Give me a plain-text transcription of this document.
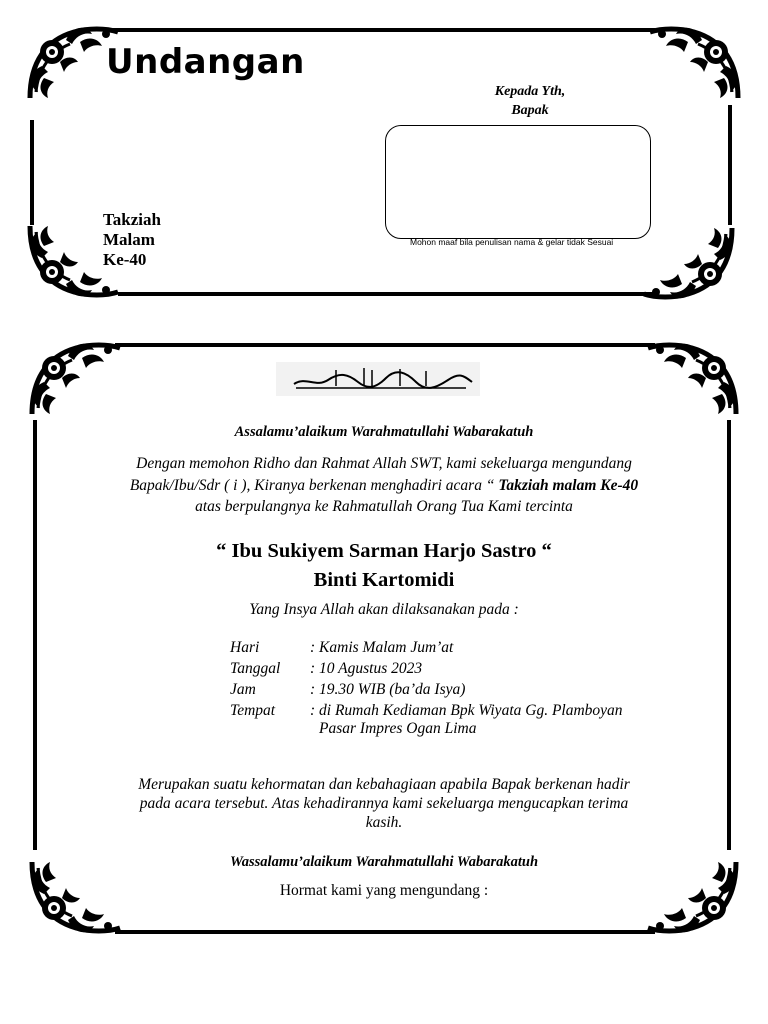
Undangan
Kepada Yth,
Bapak
Takziah Malam Ke-40
Mohon maaf bila penulisan nama & gelar tidak Sesuai
Assalamu’alaikum Warahmatullahi Wabarakatuh
Dengan memohon Ridho dan Rahmat Allah SWT, kami sekeluarga mengundang
Bapak/Ibu/Sdr ( i ), Kiranya berkenan menghadiri acara “ Takziah malam Ke-40
atas berpulangnya ke Rahmatullah Orang Tua Kami tercinta
“ Ibu Sukiyem Sarman Harjo Sastro “
Binti Kartomidi
Yang Insya Allah akan dilaksanakan pada :
Hari	: Kamis Malam Jum’at
Tanggal : 10 Agustus 2023
Jam	: 19.30 WIB (ba’da Isya)
Tempat : di Rumah Kediaman Bpk Wiyata Gg. Plamboyan
Pasar Impres Ogan Lima
Merupakan suatu kehormatan dan kebahagiaan apabila Bapak berkenan hadir
pada acara tersebut. Atas kehadirannya kami sekeluarga mengucapkan terima
kasih.
Wassalamu’alaikum Warahmatullahi Wabarakatuh
Hormat kami yang mengundang :
